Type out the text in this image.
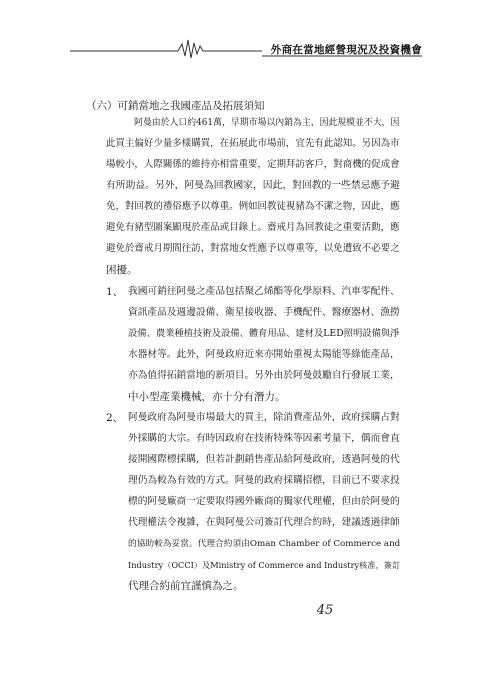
外商在當地經營現況及投資機會
（六）可銷當地之我國產品及拓展須知
阿曼由於人口約461萬，早期市場以內銷為主，因此規模並不大，因
此買主偏好少量多樣購買，在拓展此市場前，宜先有此認知。另因為市
場較小，人際關係的維持亦相當重要，定期拜訪客戶，對商機的促成會
有所助益。另外，阿曼為回教國家，因此，對回教的一些禁忌應予避
免，對回教的禮俗應予以尊重。例如回教徒視豬為不潔之物，因此，應
避免有豬型圖案顯現於產品或目錄上。齋戒月為回教徒之重要活動，應
避免於齋戒月期間往訪，對當地女性應予以尊重等，以免遭致不必要之
困擾。
1、 我國可銷往阿曼之產品包括聚乙烯酯等化學原料、汽車零配件、
資訊產品及週邊設備、衛星接收器、手機配件、醫療器材、漁撈
設備、農業種植技術及設備、體育用品、建材及LED照明設備與淨
水器材等。此外，阿曼政府近來亦開始重視太陽能等綠能產品，
亦為值得拓銷當地的新項目。另外由於阿曼鼓勵自行發展工業，
中小型產業機械，亦十分有潛力。
2、 阿曼政府為阿曼市場最大的買主，除消費產品外，政府採購占對
外採購的大宗。有時因政府在技術特殊等因素考量下，偶而會直
接開國際標採購，但若計劃銷售產品給阿曼政府，透過阿曼的代
理仍為較為有效的方式。阿曼的政府採購招標，目前已不要求投
標的阿曼廠商一定要取得國外廠商的獨家代理權，但由於阿曼的
代理權法令複雜，在與阿曼公司簽訂代理合約時，建議透過律師
的協助較為妥當。代理合約須由Oman Chamber of Commerce and
Industry（OCCI）及Ministry of Commerce and Industry核准，簽訂
代理合約前宜謹慎為之。
45
